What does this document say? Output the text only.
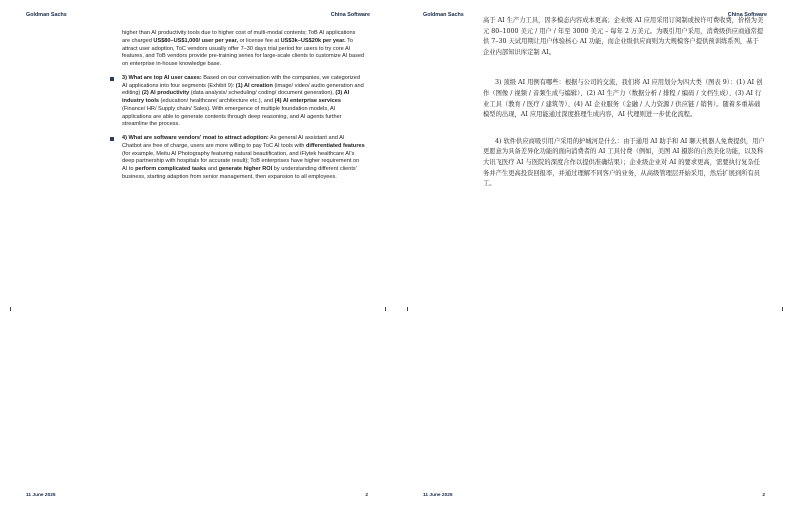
Goldman Sachs	China Software

higher than AI productivity tools due to higher cost of multi-modal contents; ToB AI applications are charged US$80–US$1,000/ user per year, or license fee at US$3k–US$20k per year. To attract user adoption, ToC vendors usually offer 7–30 days trial period for users to try core AI features, and ToB vendors provide pre-training series for large-scale clients to customize AI based on enterprise in-house knowledge base.

3) What are top AI user cases: Based on our conversation with the companies, we categorized AI applications into four segments (Exhibit 9): (1) AI creation (image/ video/ audio generation and editing) (2) AI productivity (data analysis/ scheduling/ coding/ document generation), (3) AI industry tools (education/ healthcare/ architecture etc.), and (4) AI enterprise services (Finance/ HR/ Supply chain/ Sales). With emergence of multiple foundation models, AI applications are able to generate contents through deep reasoning, and AI agents further streamline the process.
4) What are software vendors' moat to attract adoption: As general AI assistant and AI Chatbot are free of charge, users are more willing to pay ToC AI tools with differentiated features (for example, Meitu AI Photography featuring natural beautification, and iFlytek healthcare AI's deep partnership with hospitals for accurate result); ToB enterprises have higher requirement on AI to perform complicated tasks and generate higher ROI by understanding different clients' business, starting adaption from senior management, then expansion to all employees.
11 June 2025	2
Goldman Sachs	China Software

高于 AI 生产力工具，因多模态内容成本更高；企业级 AI 应用采用订阅制或按许可费收费，价格为美元 80–1000 美元 / 用户 / 年至 3000 美元 – 每年 2 万美元。为吸引用户采用，消费级供应商通常提供 7–30 天试用期让用户体验核心 AI 功能，而企业级供应商则为大规模客户提供预训练系列，基于企业内部知识库定制 AI。

3) 顶级 AI 用例有哪些：根据与公司的交流，我们将 AI 应用划分为四大类（图表 9）：(1) AI 创作（图像 / 视频 / 音频生成与编辑）、(2) AI 生产力（数据分析 / 排程 / 编码 / 文档生成）、(3) AI 行业工具（教育 / 医疗 / 建筑等）、(4) AI 企业服务（金融 / 人力资源 / 供应链 / 销售）。随着多重基础模型的出现，AI 应用能通过深度推理生成内容，AI 代理则进一步优化流程。

4) 软件供应商吸引用户采用的护城河是什么：由于通用 AI 助手和 AI 聊天机器人免费提供，用户更愿意为具备差异化功能的面向消费者的 AI 工具付费（例如，美图 AI 摄影的自然美化功能，以及科大讯飞医疗 AI 与医院的深度合作以提供准确结果）；企业级企业对 AI 的要求更高，需要执行复杂任务并产生更高投资回报率，并通过理解不同客户的业务，从高级管理层开始采用，然后扩展到所有员工。

11 June 2025	2
